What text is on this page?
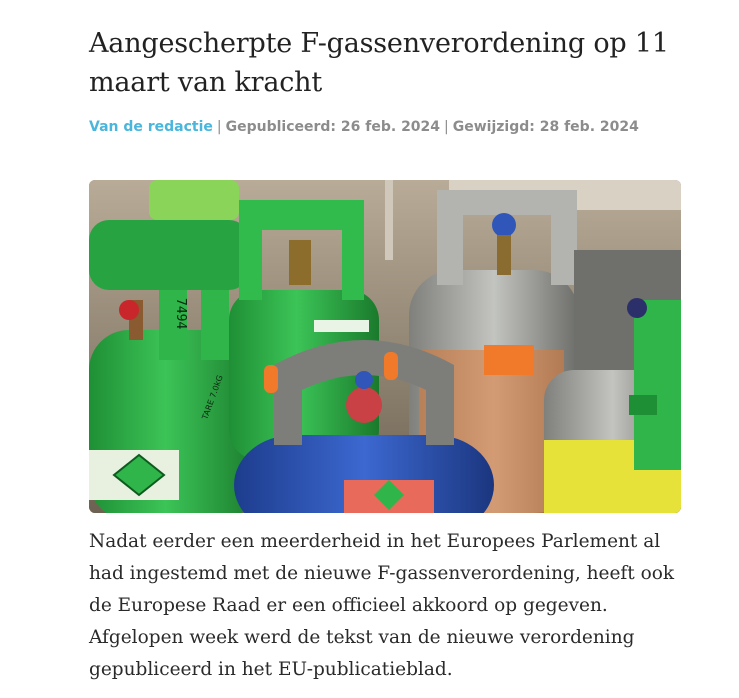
Aangescherpte F-gassenverordening op 11 maart van kracht
Van de redactie | Gepubliceerd: 26 feb. 2024 | Gewijzigd: 28 feb. 2024
7494
TARE 7.0kG

Nadat eerder een meerderheid in het Europees Parlement al had ingestemd met de nieuwe F-gassenverordening, heeft ook de Europese Raad er een officieel akkoord op gegeven. Afgelopen week werd de tekst van de nieuwe verordening gepubliceerd in het EU-publicatieblad.
